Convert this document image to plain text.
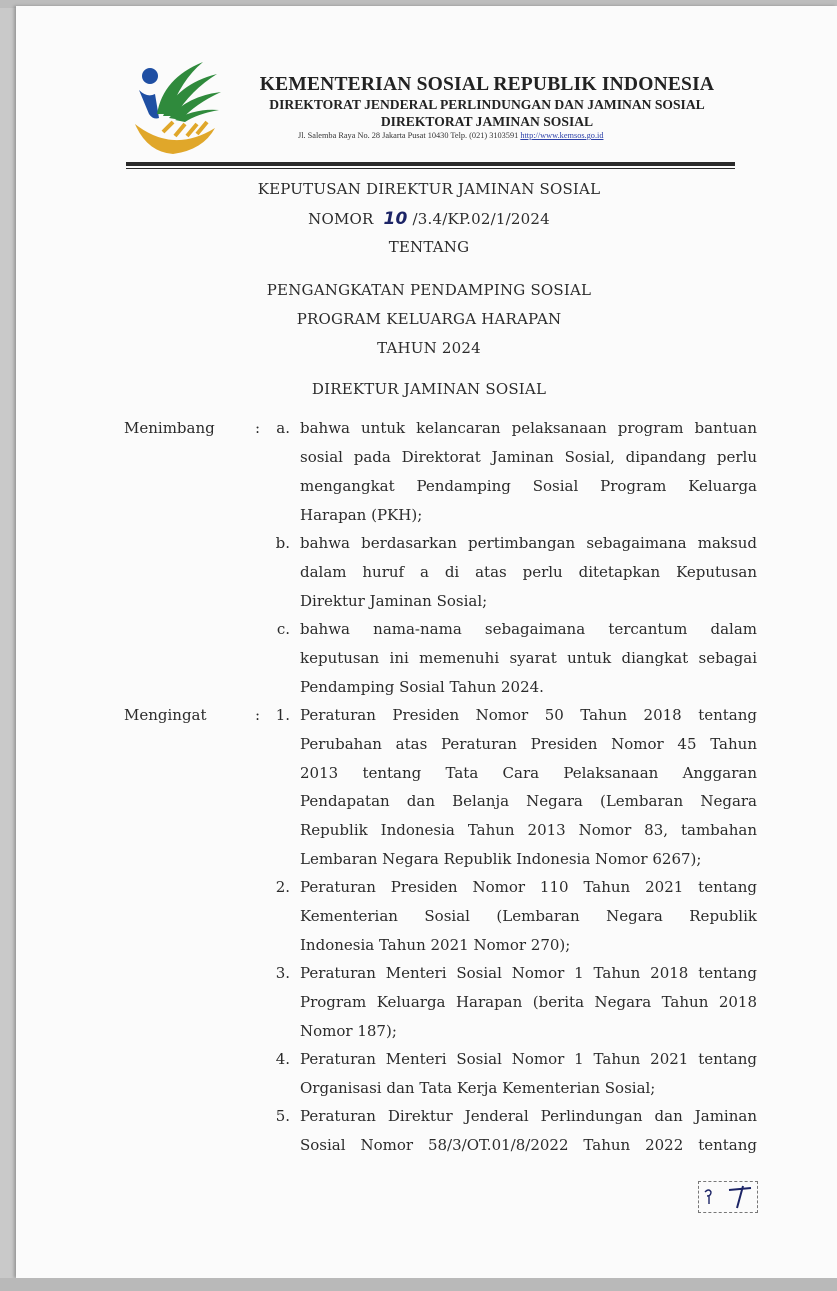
KEMENTERIAN SOSIAL REPUBLIK INDONESIA
DIREKTORAT JENDERAL PERLINDUNGAN DAN JAMINAN SOSIAL
DIREKTORAT JAMINAN SOSIAL
Jl. Salemba Raya No. 28 Jakarta Pusat 10430 Telp. (021) 3103591 http://www.kemsos.go.id
KEPUTUSAN DIREKTUR JAMINAN SOSIAL
NOMOR 10 /3.4/KP.02/1/2024
TENTANG
PENGANGKATAN PENDAMPING SOSIAL
PROGRAM KELUARGA HARAPAN
TAHUN 2024
DIREKTUR JAMINAN SOSIAL
Menimbang	:	a. bahwa untuk kelancaran pelaksanaan program bantuan
sosial pada Direktorat Jaminan Sosial, dipandang perlu
mengangkat Pendamping Sosial Program Keluarga
Harapan (PKH);
b. bahwa berdasarkan pertimbangan sebagaimana maksud
dalam huruf a di atas perlu ditetapkan Keputusan
Direktur Jaminan Sosial;
c. bahwa nama-nama sebagaimana tercantum dalam
keputusan ini memenuhi syarat untuk diangkat sebagai
Pendamping Sosial Tahun 2024.
Mengingat	:	1. Peraturan Presiden Nomor 50 Tahun 2018 tentang
Perubahan atas Peraturan Presiden Nomor 45 Tahun
2013 tentang Tata Cara Pelaksanaan Anggaran
Pendapatan dan Belanja Negara (Lembaran Negara
Republik Indonesia Tahun 2013 Nomor 83, tambahan
Lembaran Negara Republik Indonesia Nomor 6267);
2. Peraturan Presiden Nomor 110 Tahun 2021 tentang
Kementerian Sosial (Lembaran Negara Republik
Indonesia Tahun 2021 Nomor 270);
3. Peraturan Menteri Sosial Nomor 1 Tahun 2018 tentang
Program Keluarga Harapan (berita Negara Tahun 2018
Nomor 187);
4. Peraturan Menteri Sosial Nomor 1 Tahun 2021 tentang
Organisasi dan Tata Kerja Kementerian Sosial;
5. Peraturan Direktur Jenderal Perlindungan dan Jaminan
Sosial Nomor 58/3/OT.01/8/2022 Tahun 2022 tentang
